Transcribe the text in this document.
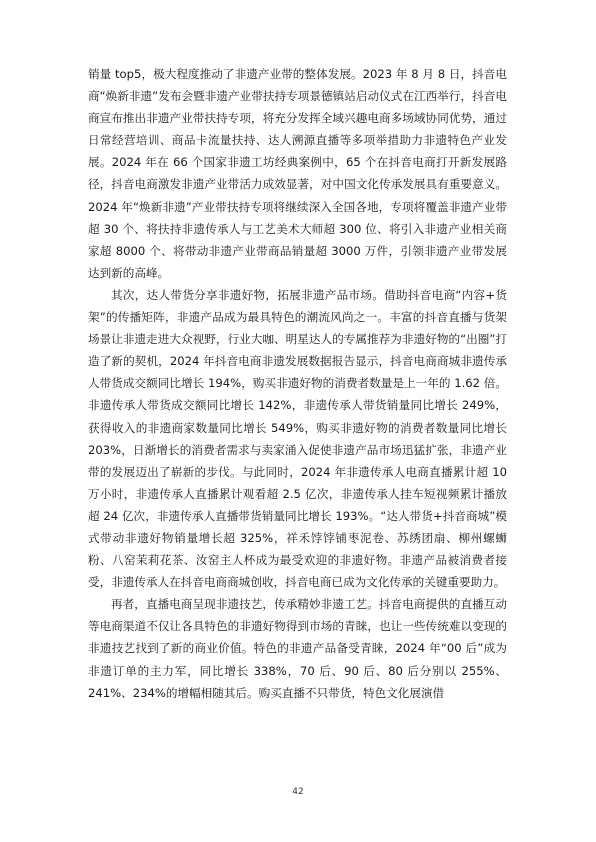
销量 top5，极大程度推动了非遗产业带的整体发展。2023 年 8 月 8 日，抖音电商“焕新非遗”发布会暨非遗产业带扶持专项景德镇站启动仪式在江西举行，抖音电商宣布推出非遗产业带扶持专项，将充分发挥全域兴趣电商多场域协同优势，通过日常经营培训、商品卡流量扶持、达人溯源直播等多项举措助力非遗特色产业发展。2024 年在 66 个国家非遗工坊经典案例中，65 个在抖音电商打开新发展路径，抖音电商激发非遗产业带活力成效显著，对中国文化传承发展具有重要意义。2024 年“焕新非遗”产业带扶持专项将继续深入全国各地，专项将覆盖非遗产业带超 30 个、将扶持非遗传承人与工艺美术大师超 300 位、将引入非遗产业相关商家超 8000 个、将带动非遗产业带商品销量超 3000 万件，引领非遗产业带发展达到新的高峰。

其次，达人带货分享非遗好物，拓展非遗产品市场。借助抖音电商“内容+货架”的传播矩阵，非遗产品成为最具特色的潮流风尚之一。丰富的抖音直播与货架场景让非遗走进大众视野，行业大咖、明星达人的专属推荐为非遗好物的“出圈”打造了新的契机，2024 年抖音电商非遗发展数据报告显示，抖音电商商城非遗传承人带货成交额同比增长 194%，购买非遗好物的消费者数量是上一年的 1.62 倍。非遗传承人带货成交额同比增长 142%，非遗传承人带货销量同比增长 249%，获得收入的非遗商家数量同比增长 549%，购买非遗好物的消费者数量同比增长 203%，日渐增长的消费者需求与卖家涌入促使非遗产品市场迅猛扩张，非遗产业带的发展迈出了崭新的步伐。与此同时，2024 年非遗传承人电商直播累计超 10 万小时，非遗传承人直播累计观看超 2.5 亿次，非遗传承人挂车短视频累计播放超 24 亿次，非遗传承人直播带货销量同比增长 193%。“达人带货+抖音商城”模式带动非遗好物销量增长超 325%，祥禾饽饽铺枣泥卷、苏绣团扇、柳州螺蛳粉、八窑茉莉花茶、汝窑主人杯成为最受欢迎的非遗好物。非遗产品被消费者接受，非遗传承人在抖音电商商城创收，抖音电商已成为文化传承的关键重要助力。

再者，直播电商呈现非遗技艺，传承精妙非遗工艺。抖音电商提供的直播互动等电商渠道不仅让各具特色的非遗好物得到市场的青睐，也让一些传统难以变现的非遗技艺找到了新的商业价值。特色的非遗产品备受青睐，2024 年“00 后”成为非遗订单的主力军，同比增长 338%，70 后、90 后、80 后分别以 255%、241%、234%的增幅相随其后。购买直播不只带货，特色文化展演借

42
